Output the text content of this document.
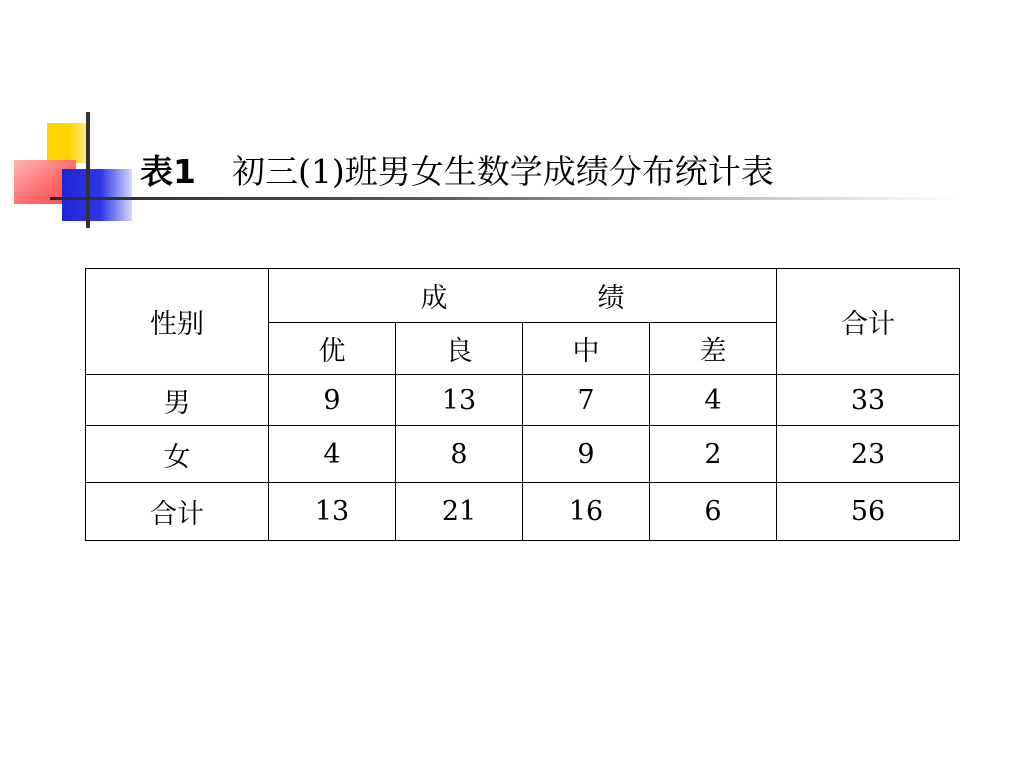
表1 初三(1)班男女生数学成绩分布统计表
性别	成 绩				合计
	优	良	中	差	
男	9	13	7	4	33
女	4	8	9	2	23
合计	13	21	16	6	56
